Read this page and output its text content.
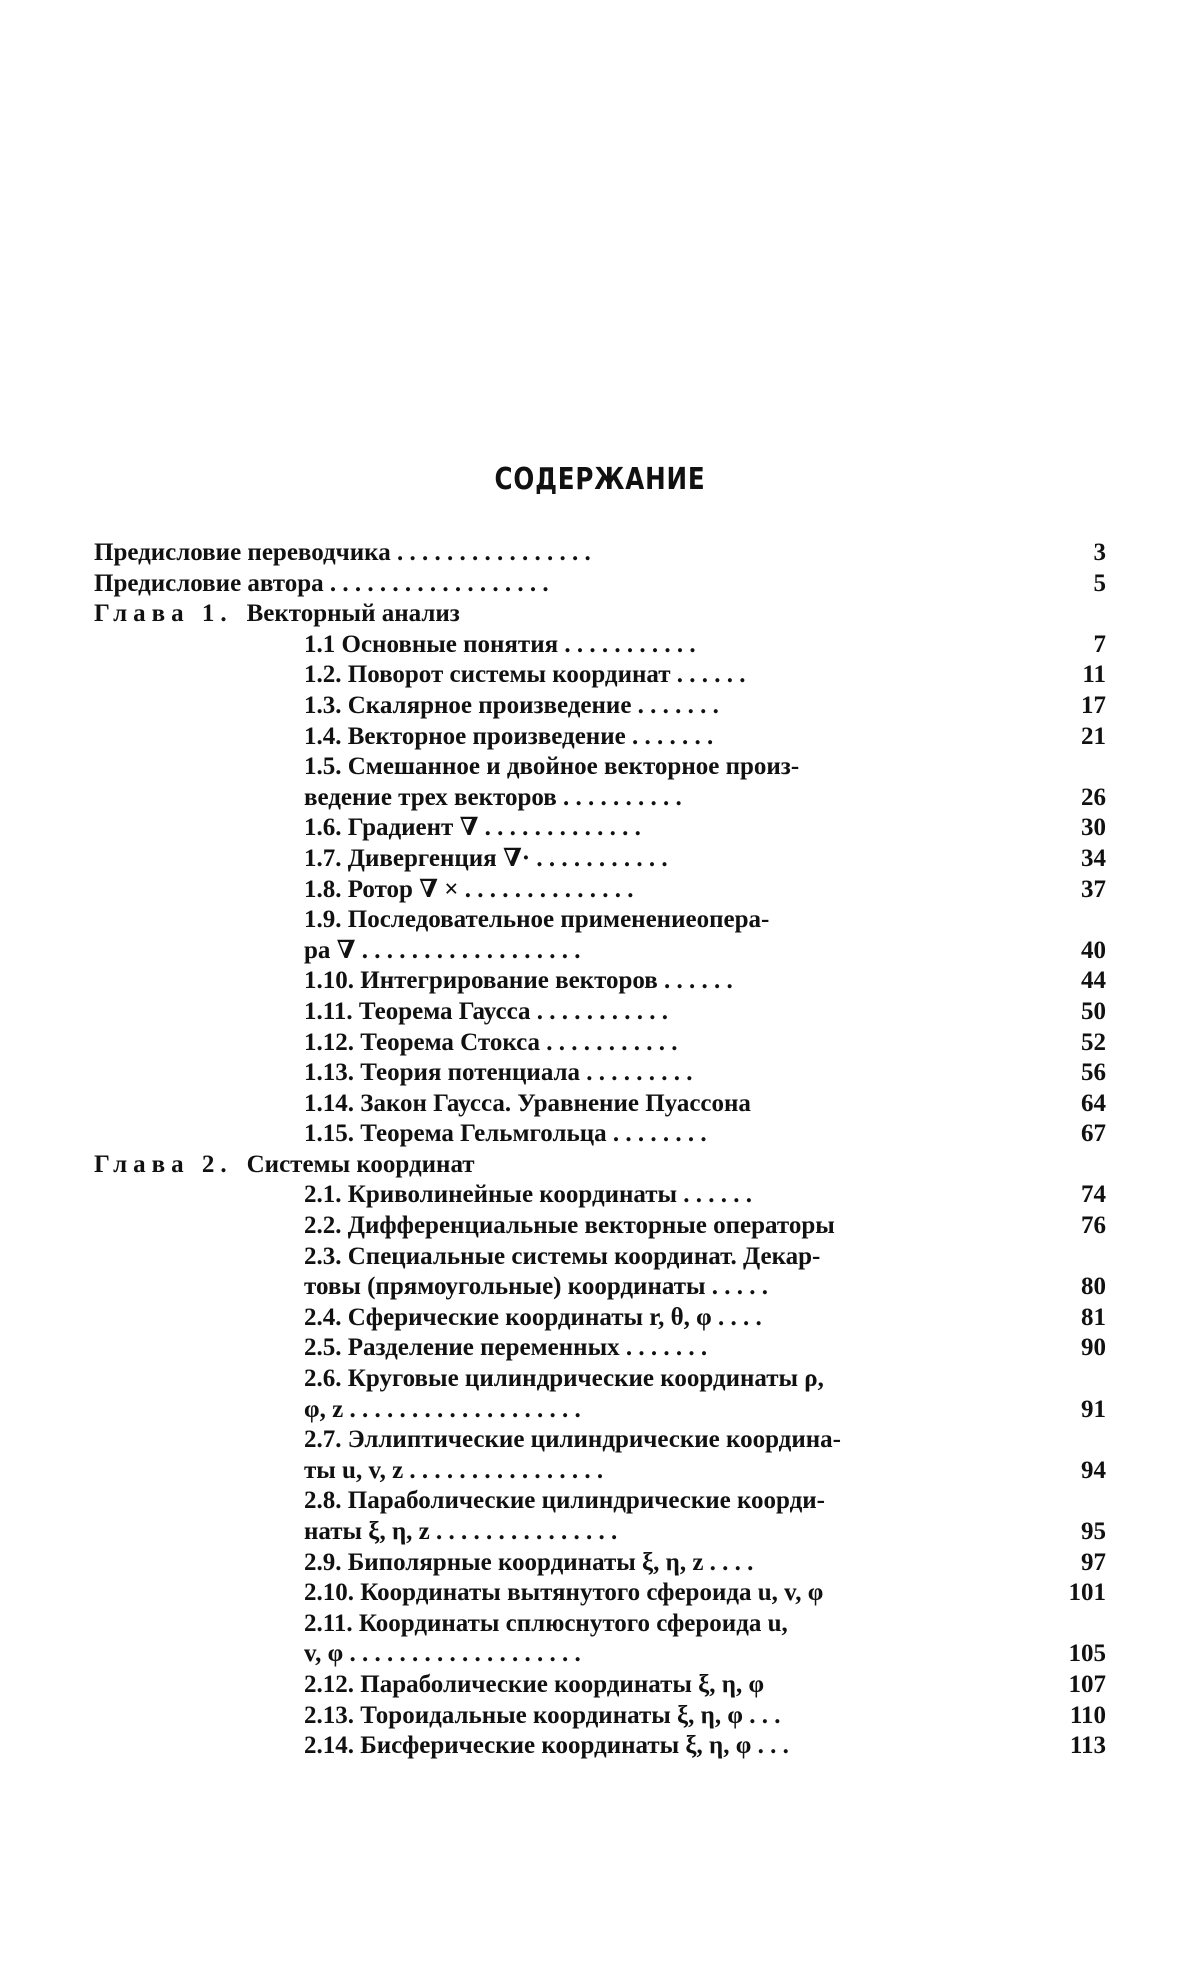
СОДЕРЖАНИЕ
Предисловие переводчика . . . . . . . . . . . . . . . .	3
Предисловие автора . . . . . . . . . . . . . . . . . .	5
Глава 1. Векторный анализ
1.1 Основные понятия . . . . . . . . . . .	7
1.2. Поворот системы координат . . . . . .	11
1.3. Скалярное произведение . . . . . . .	17
1.4. Векторное произведение . . . . . . .	21
1.5. Смешанное и двойное векторное произ-
ведение трех векторов . . . . . . . . . .	26
1.6. Градиент ∇ . . . . . . . . . . . . .	30
1.7. Дивергенция ∇· . . . . . . . . . . .	34
1.8. Ротор ∇ × . . . . . . . . . . . . . .	37
1.9. Последовательное применениеопера-
ра ∇ . . . . . . . . . . . . . . . . . .	40
1.10. Интегрирование векторов . . . . . .	44
1.11. Теорема Гаусса . . . . . . . . . . .	50
1.12. Теорема Стокса . . . . . . . . . . .	52
1.13. Теория потенциала . . . . . . . . .	56
1.14. Закон Гаусса. Уравнение Пуассона	64
1.15. Теорема Гельмгольца . . . . . . . .	67
Глава 2. Системы координат
2.1. Криволинейные координаты . . . . . .	74
2.2. Дифференциальные векторные операторы	76
2.3. Специальные системы координат. Декар-
товы (прямоугольные) координаты . . . . .	80
2.4. Сферические координаты r, θ, φ . . . .	81
2.5. Разделение переменных . . . . . . .	90
2.6. Круговые цилиндрические координаты ρ,
φ, z . . . . . . . . . . . . . . . . . . .	91
2.7. Эллиптические цилиндрические координа-
ты u, v, z . . . . . . . . . . . . . . . .	94
2.8. Параболические цилиндрические коорди-
наты ξ, η, z . . . . . . . . . . . . . . .	95
2.9. Биполярные координаты ξ, η, z . . . .	97
2.10. Координаты вытянутого сфероида u, v, φ	101
2.11. Координаты сплюснутого сфероида u,
v, φ . . . . . . . . . . . . . . . . . . .	105
2.12. Параболические координаты ξ, η, φ	107
2.13. Тороидальные координаты ξ, η, φ . . .	110
2.14. Бисферические координаты ξ, η, φ . . .	113
